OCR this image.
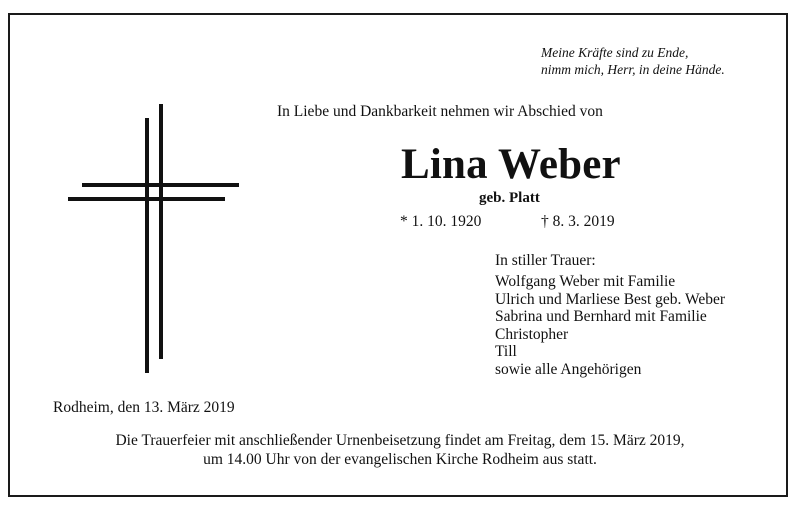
Meine Kräfte sind zu Ende,
nimm mich, Herr, in deine Hände.
In Liebe und Dankbarkeit nehmen wir Abschied von
Lina Weber
geb. Platt
* 1. 10. 1920	† 8. 3. 2019
In stiller Trauer:
Wolfgang Weber mit Familie
Ulrich und Marliese Best geb. Weber
Sabrina und Bernhard mit Familie
Christopher
Till
sowie alle Angehörigen
Rodheim, den 13. März 2019
Die Trauerfeier mit anschließender Urnenbeisetzung findet am Freitag, dem 15. März 2019,
um 14.00 Uhr von der evangelischen Kirche Rodheim aus statt.
